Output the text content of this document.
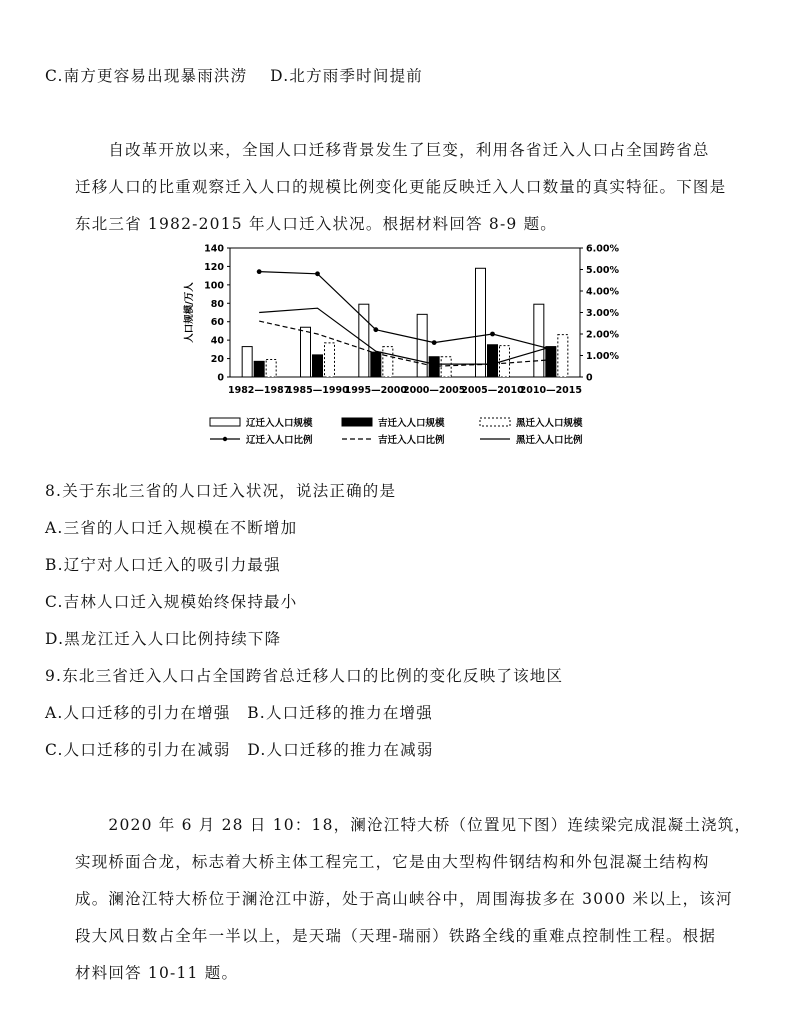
C.南方更容易出现暴雨洪涝　 D.北方雨季时间提前
　　自改革开放以来，全国人口迁移背景发生了巨变，利用各省迁入人口占全国跨省总
迁移人口的比重观察迁入人口的规模比例变化更能反映迁入人口数量的真实特征。下图是
东北三省 1982-2015 年人口迁入状况。根据材料回答 8-9 题。
0
20
40
60
80
100
120
140
0
1.00%
2.00%
3.00%
4.00%
5.00%
6.00%
人口规模/万人
1982—1987
1985—1990
1995—2000
2000—2005
2005—2010
2010—2015
辽迁入人口规模	吉迁入人口规模	黑迁入人口规模
辽迁入人口比例	吉迁入人口比例	黑迁入人口比例
8.关于东北三省的人口迁入状况，说法正确的是
A.三省的人口迁入规模在不断增加
B.辽宁对人口迁入的吸引力最强
C.吉林人口迁入规模始终保持最小
D.黑龙江迁入人口比例持续下降
9.东北三省迁入人口占全国跨省总迁移人口的比例的变化反映了该地区
A.人口迁移的引力在增强　B.人口迁移的推力在增强
C.人口迁移的引力在减弱　D.人口迁移的推力在减弱
　　2020 年 6 月 28 日 10：18，澜沧江特大桥（位置见下图）连续梁完成混凝土浇筑，
实现桥面合龙，标志着大桥主体工程完工，它是由大型构件钢结构和外包混凝土结构构
成。澜沧江特大桥位于澜沧江中游，处于高山峡谷中，周围海拔多在 3000 米以上，该河
段大风日数占全年一半以上，是天瑞（天理-瑞丽）铁路全线的重难点控制性工程。根据
材料回答 10-11 题。
